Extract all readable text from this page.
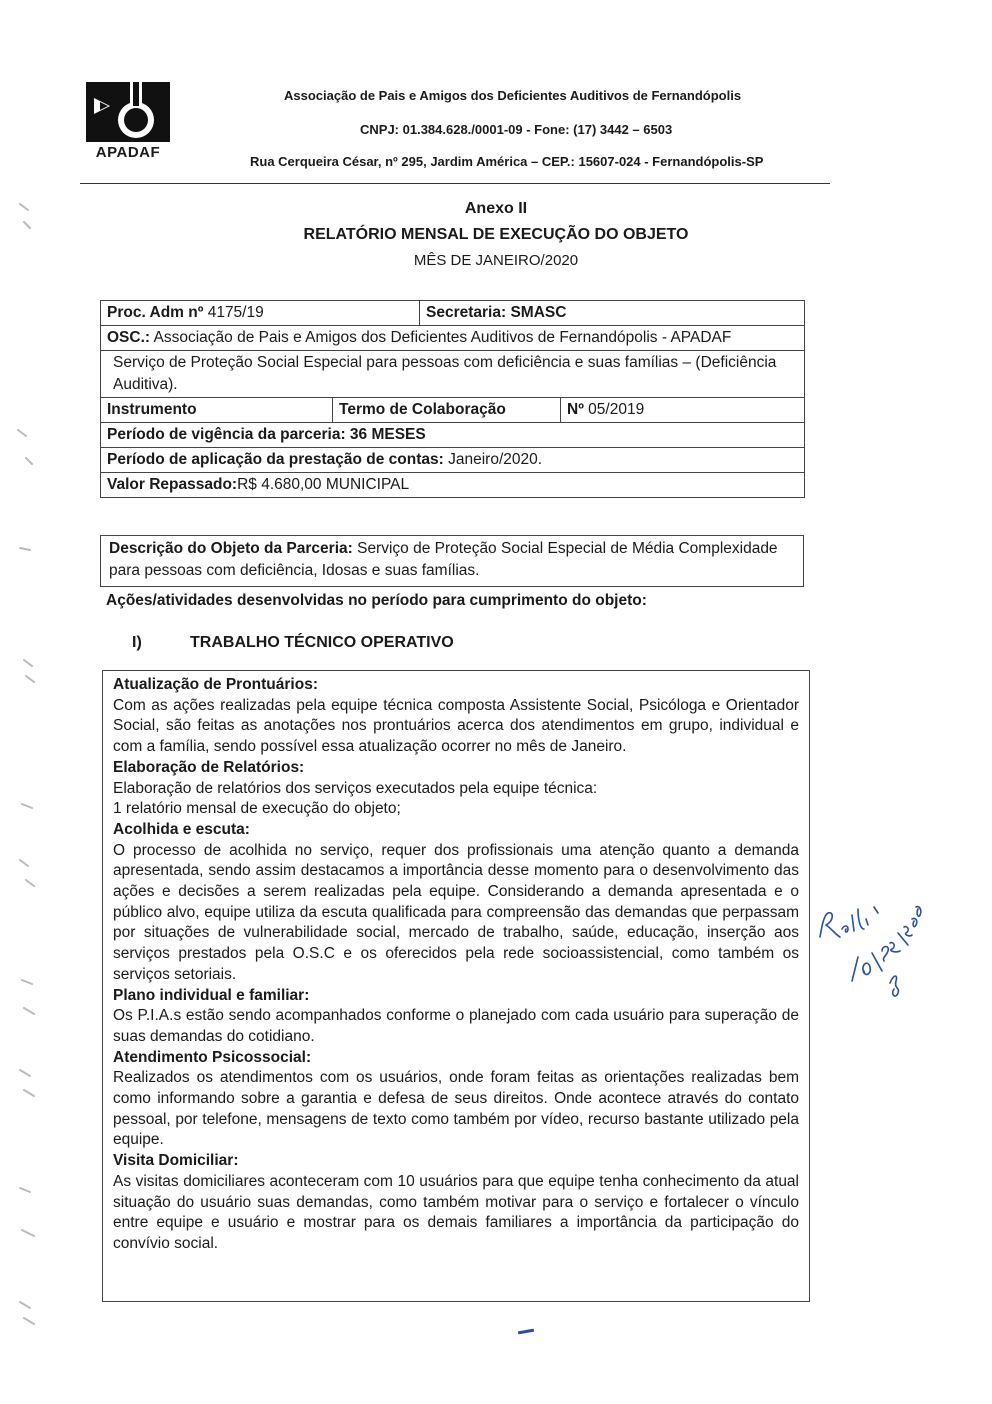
APADAF
Associação de Pais e Amigos dos Deficientes Auditivos de Fernandópolis
CNPJ: 01.384.628./0001-09 - Fone: (17) 3442 – 6503
Rua Cerqueira César, nº 295, Jardim América – CEP.: 15607-024 - Fernandópolis-SP
Anexo II
RELATÓRIO MENSAL DE EXECUÇÃO DO OBJETO
MÊS DE JANEIRO/2020
Proc. Adm nº 4175/19	Secretaria: SMASC
OSC.: Associação de Pais e Amigos dos Deficientes Auditivos de Fernandópolis - APADAF
Serviço de Proteção Social Especial para pessoas com deficiência e suas famílias – (Deficiência Auditiva).
Instrumento	Termo de Colaboração	Nº 05/2019
Período de vigência da parceria: 36 MESES
Período de aplicação da prestação de contas: Janeiro/2020.
Valor Repassado:R$ 4.680,00 MUNICIPAL
Descrição do Objeto da Parceria: Serviço de Proteção Social Especial de Média Complexidade para pessoas com deficiência, Idosas e suas famílias.
Ações/atividades desenvolvidas no período para cumprimento do objeto:
I)	TRABALHO TÉCNICO OPERATIVO
Atualização de Prontuários:

Com as ações realizadas pela equipe técnica composta Assistente Social, Psicóloga e Orientador Social, são feitas as anotações nos prontuários acerca dos atendimentos em grupo, individual e com a família, sendo possível essa atualização ocorrer no mês de Janeiro.

Elaboração de Relatórios:

Elaboração de relatórios dos serviços executados pela equipe técnica:

1 relatório mensal de execução do objeto;

Acolhida e escuta:

O processo de acolhida no serviço, requer dos profissionais uma atenção quanto a demanda apresentada, sendo assim destacamos a importância desse momento para o desenvolvimento das ações e decisões a serem realizadas pela equipe. Considerando a demanda apresentada e o público alvo, equipe utiliza da escuta qualificada para compreensão das demandas que perpassam por situações de vulnerabilidade social, mercado de trabalho, saúde, educação, inserção aos serviços prestados pela O.S.C e os oferecidos pela rede socioassistencial, como também os serviços setoriais.

Plano individual e familiar:

Os P.I.A.s estão sendo acompanhados conforme o planejado com cada usuário para superação de suas demandas do cotidiano.

Atendimento Psicossocial:

Realizados os atendimentos com os usuários, onde foram feitas as orientações realizadas bem como informando sobre a garantia e defesa de seus direitos. Onde acontece através do contato pessoal, por telefone, mensagens de texto como também por vídeo, recurso bastante utilizado pela equipe.

Visita Domiciliar:

As visitas domiciliares aconteceram com 10 usuários para que equipe tenha conhecimento da atual situação do usuário suas demandas, como também motivar para o serviço e fortalecer o vínculo entre equipe e usuário e mostrar para os demais familiares a importância da participação do convívio social.
